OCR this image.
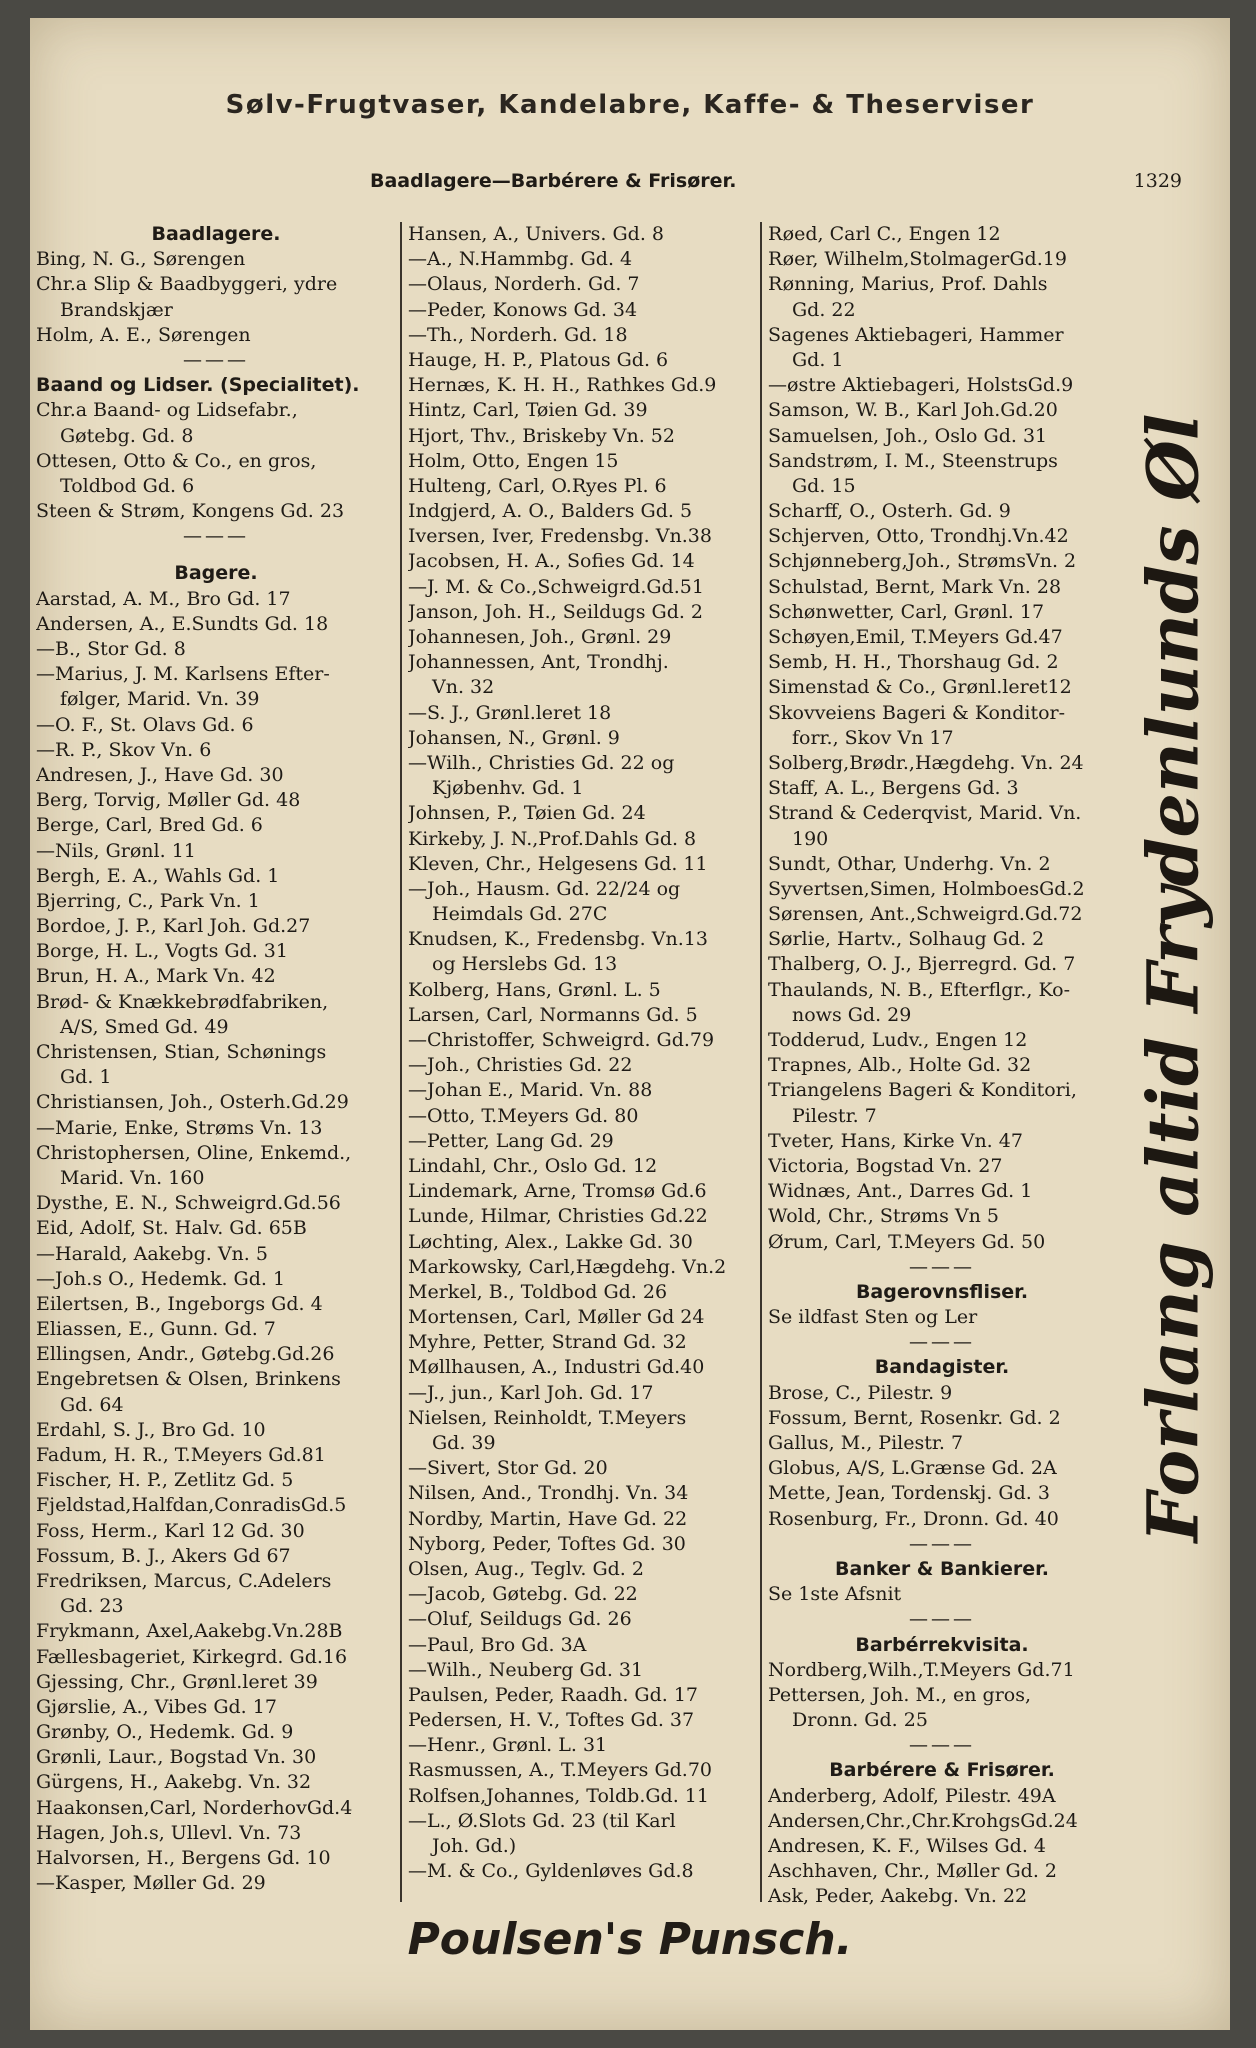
Sølv-Frugtvaser, Kandelabre, Kaffe- & Theserviser
Baadlagere—Barbérere & Frisører.	1329
Baadlagere.
Bing, N. G., Sørengen
Chr.a Slip & Baadbyggeri, ydre
Brandskjær
Holm, A. E., Sørengen
———
Baand og Lidser. (Specialitet).
Chr.a Baand- og Lidsefabr.,
Gøtebg. Gd. 8
Ottesen, Otto & Co., en gros,
Toldbod Gd. 6
Steen & Strøm, Kongens Gd. 23
———
Bagere.
Aarstad, A. M., Bro Gd. 17
Andersen, A., E.Sundts Gd. 18
—B., Stor Gd. 8
—Marius, J. M. Karlsens Efter-
følger, Marid. Vn. 39
—O. F., St. Olavs Gd. 6
—R. P., Skov Vn. 6
Andresen, J., Have Gd. 30
Berg, Torvig, Møller Gd. 48
Berge, Carl, Bred Gd. 6
—Nils, Grønl. 11
Bergh, E. A., Wahls Gd. 1
Bjerring, C., Park Vn. 1
Bordoe, J. P., Karl Joh. Gd.27
Borge, H. L., Vogts Gd. 31
Brun, H. A., Mark Vn. 42
Brød- & Knækkebrødfabriken,
A/S, Smed Gd. 49
Christensen, Stian, Schønings
Gd. 1
Christiansen, Joh., Osterh.Gd.29
—Marie, Enke, Strøms Vn. 13
Christophersen, Oline, Enkemd.,
Marid. Vn. 160
Dysthe, E. N., Schweigrd.Gd.56
Eid, Adolf, St. Halv. Gd. 65B
—Harald, Aakebg. Vn. 5
—Joh.s O., Hedemk. Gd. 1
Eilertsen, B., Ingeborgs Gd. 4
Eliassen, E., Gunn. Gd. 7
Ellingsen, Andr., Gøtebg.Gd.26
Engebretsen & Olsen, Brinkens
Gd. 64
Erdahl, S. J., Bro Gd. 10
Fadum, H. R., T.Meyers Gd.81
Fischer, H. P., Zetlitz Gd. 5
Fjeldstad,Halfdan,ConradisGd.5
Foss, Herm., Karl 12 Gd. 30
Fossum, B. J., Akers Gd 67
Fredriksen, Marcus, C.Adelers
Gd. 23
Frykmann, Axel,Aakebg.Vn.28B
Fællesbageriet, Kirkegrd. Gd.16
Gjessing, Chr., Grønl.leret 39
Gjørslie, A., Vibes Gd. 17
Grønby, O., Hedemk. Gd. 9
Grønli, Laur., Bogstad Vn. 30
Gürgens, H., Aakebg. Vn. 32
Haakonsen,Carl, NorderhovGd.4
Hagen, Joh.s, Ullevl. Vn. 73
Halvorsen, H., Bergens Gd. 10
—Kasper, Møller Gd. 29
Hansen, A., Univers. Gd. 8
—A., N.Hammbg. Gd. 4
—Olaus, Norderh. Gd. 7
—Peder, Konows Gd. 34
—Th., Norderh. Gd. 18
Hauge, H. P., Platous Gd. 6
Hernæs, K. H. H., Rathkes Gd.9
Hintz, Carl, Tøien Gd. 39
Hjort, Thv., Briskeby Vn. 52
Holm, Otto, Engen 15
Hulteng, Carl, O.Ryes Pl. 6
Indgjerd, A. O., Balders Gd. 5
Iversen, Iver, Fredensbg. Vn.38
Jacobsen, H. A., Sofies Gd. 14
—J. M. & Co.,Schweigrd.Gd.51
Janson, Joh. H., Seildugs Gd. 2
Johannesen, Joh., Grønl. 29
Johannessen, Ant, Trondhj.
Vn. 32
—S. J., Grønl.leret 18
Johansen, N., Grønl. 9
—Wilh., Christies Gd. 22 og
Kjøbenhv. Gd. 1
Johnsen, P., Tøien Gd. 24
Kirkeby, J. N.,Prof.Dahls Gd. 8
Kleven, Chr., Helgesens Gd. 11
—Joh., Hausm. Gd. 22/24 og
Heimdals Gd. 27C
Knudsen, K., Fredensbg. Vn.13
og Herslebs Gd. 13
Kolberg, Hans, Grønl. L. 5
Larsen, Carl, Normanns Gd. 5
—Christoffer, Schweigrd. Gd.79
—Joh., Christies Gd. 22
—Johan E., Marid. Vn. 88
—Otto, T.Meyers Gd. 80
—Petter, Lang Gd. 29
Lindahl, Chr., Oslo Gd. 12
Lindemark, Arne, Tromsø Gd.6
Lunde, Hilmar, Christies Gd.22
Løchting, Alex., Lakke Gd. 30
Markowsky, Carl,Hægdehg. Vn.2
Merkel, B., Toldbod Gd. 26
Mortensen, Carl, Møller Gd 24
Myhre, Petter, Strand Gd. 32
Møllhausen, A., Industri Gd.40
—J., jun., Karl Joh. Gd. 17
Nielsen, Reinholdt, T.Meyers
Gd. 39
—Sivert, Stor Gd. 20
Nilsen, And., Trondhj. Vn. 34
Nordby, Martin, Have Gd. 22
Nyborg, Peder, Toftes Gd. 30
Olsen, Aug., Teglv. Gd. 2
—Jacob, Gøtebg. Gd. 22
—Oluf, Seildugs Gd. 26
—Paul, Bro Gd. 3A
—Wilh., Neuberg Gd. 31
Paulsen, Peder, Raadh. Gd. 17
Pedersen, H. V., Toftes Gd. 37
—Henr., Grønl. L. 31
Rasmussen, A., T.Meyers Gd.70
Rolfsen,Johannes, Toldb.Gd. 11
—L., Ø.Slots Gd. 23 (til Karl
Joh. Gd.)
—M. & Co., Gyldenløves Gd.8
Røed, Carl C., Engen 12
Røer, Wilhelm,StolmagerGd.19
Rønning, Marius, Prof. Dahls
Gd. 22
Sagenes Aktiebageri, Hammer
Gd. 1
—østre Aktiebageri, HolstsGd.9
Samson, W. B., Karl Joh.Gd.20
Samuelsen, Joh., Oslo Gd. 31
Sandstrøm, I. M., Steenstrups
Gd. 15
Scharff, O., Osterh. Gd. 9
Schjerven, Otto, Trondhj.Vn.42
Schjønneberg,Joh., StrømsVn. 2
Schulstad, Bernt, Mark Vn. 28
Schønwetter, Carl, Grønl. 17
Schøyen,Emil, T.Meyers Gd.47
Semb, H. H., Thorshaug Gd. 2
Simenstad & Co., Grønl.leret12
Skovveiens Bageri & Konditor-
forr., Skov Vn 17
Solberg,Brødr.,Hægdehg. Vn. 24
Staff, A. L., Bergens Gd. 3
Strand & Cederqvist, Marid. Vn.
190
Sundt, Othar, Underhg. Vn. 2
Syvertsen,Simen, HolmboesGd.2
Sørensen, Ant.,Schweigrd.Gd.72
Sørlie, Hartv., Solhaug Gd. 2
Thalberg, O. J., Bjerregrd. Gd. 7
Thaulands, N. B., Efterflgr., Ko-
nows Gd. 29
Todderud, Ludv., Engen 12
Trapnes, Alb., Holte Gd. 32
Triangelens Bageri & Konditori,
Pilestr. 7
Tveter, Hans, Kirke Vn. 47
Victoria, Bogstad Vn. 27
Widnæs, Ant., Darres Gd. 1
Wold, Chr., Strøms Vn 5
Ørum, Carl, T.Meyers Gd. 50
———
Bagerovnsfliser.
Se ildfast Sten og Ler
———
Bandagister.
Brose, C., Pilestr. 9
Fossum, Bernt, Rosenkr. Gd. 2
Gallus, M., Pilestr. 7
Globus, A/S, L.Grænse Gd. 2A
Mette, Jean, Tordenskj. Gd. 3
Rosenburg, Fr., Dronn. Gd. 40
———
Banker & Bankierer.
Se 1ste Afsnit
———
Barbérrekvisita.
Nordberg,Wilh.,T.Meyers Gd.71
Pettersen, Joh. M., en gros,
Dronn. Gd. 25
———
Barbérere & Frisører.
Anderberg, Adolf, Pilestr. 49A
Andersen,Chr.,Chr.KrohgsGd.24
Andresen, K. F., Wilses Gd. 4
Aschhaven, Chr., Møller Gd. 2
Ask, Peder, Aakebg. Vn. 22
Forlang altid Frydenlunds Øl
Poulsen's Punsch.
